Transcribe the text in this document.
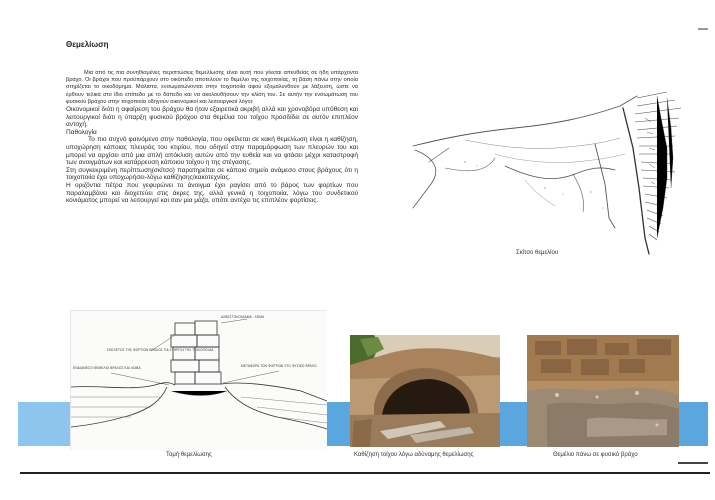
Θεμελίωση

Μια από τις πια συνηθισμένες περιπτώσεις θεμελίωσης είναι αυτή που γίνεται απευθείας σε ήδη υπάρχοντα βράχο. Οι βράχοι που προϋπάρχουν στο οικόπεδο αποτελούν το θεμέλιο της τοιχοποιίας, τη βάση πάνω στην οποία στηρίζεται το οικοδόμημα. Μάλιστα, ενσωματώνονται στην τοιχοποιία αφού εξομαλυνθούν με λάξευση, ώστε να έρθουν τελικά στο ίδιο επίπεδο με το δάπεδο και να ακολουθήσουν την κλίση του. Σε αυτήν την ενσωμάτωση του φυσικού βράχου στην τοιχοποιία οδηγούν οικονομικοί και λειτουργικοί λόγοι:

Οικονομικοί διότι η αφαίρεση του βράχου θα ήταν εξαιρετικά ακριβή αλλά και χρονοβόρα υπόθεση και λειτουργικοί διότι η ύπαρξη φυσικού βράχου στα θεμέλια του τοίχου προσδίδει σε αυτόν επιπλέον αντοχή.

Παθολογία

Το πιο συχνό φαινόμενο στην παθολογία, που οφείλεται σε κακή θεμελίωση είναι η καθίζηση, υποχώρηση κάποιας πλευράς του κτιρίου, που οδηγεί στην παραμόρφωση των πλευρών του και μπορεί να αρχίσει από μια απλή απόκλιση αυτών από την ευθεία και να φτάσει μέχρι καταστροφή των ανοιγμάτων και κατάρρευση κάποιου τοίχου η της στέγασης.

Στη συγκεκριμένη περίπτωση(σκίτσο) παρατηρείται σε κάποιο σημείο ανάμεσο στους βράχους ότι η τοιχοποιία έχει υποχωρήσει-λόγω καθίζησης/κακοτεχνίας.

Η οριζόντια πέτρα που γεφυρώνει το άνοιγμα έχει ραγίσει από το βάρος των φορτίων που παραλαμβάνει και διοχετεύει στις άκρες της, αλλά γενικά η τοιχοποιία, λόγω του συνδετικού κονιάματος μπορεί να λειτουργεί και σαν μια μάζα, οπότε αντέχει τις επιπλέον φορτίσεις.

Σκίτσο θεμελίου
ΑΣΒΕΣΤΟΚΟΝΙΑΜΑ - ΧΩΜΑ
ΣΚΕΛΕΤΟΣ ΤΗΣ ΦΟΡΤΙΩΝ ΒΡΑΧΟΣ ΓΙΑ ΣΤΗΡΙΞΗ ΤΗΣ ΤΟΙΧΟΠΟΙΙΑΣ
ΕΝΔΙΑΜΕΣΟ ΘΕΜΕΛΙΟ ΒΡΑΧΟΣ ΚΑΙ ΧΩΜΑ	ΜΕΤΑΦΟΡΑ ΤΩΝ ΦΟΡΤΙΩΝ ΣΤΟ ΦΥΣΙΚΟ ΒΡΑΧΟ
Τομή θεμελίωσης	Καθίζηση τοίχου λόγω αδύναμης θεμελίωσης	Θεμέλιο πάνω σε φυσικό βράχο
